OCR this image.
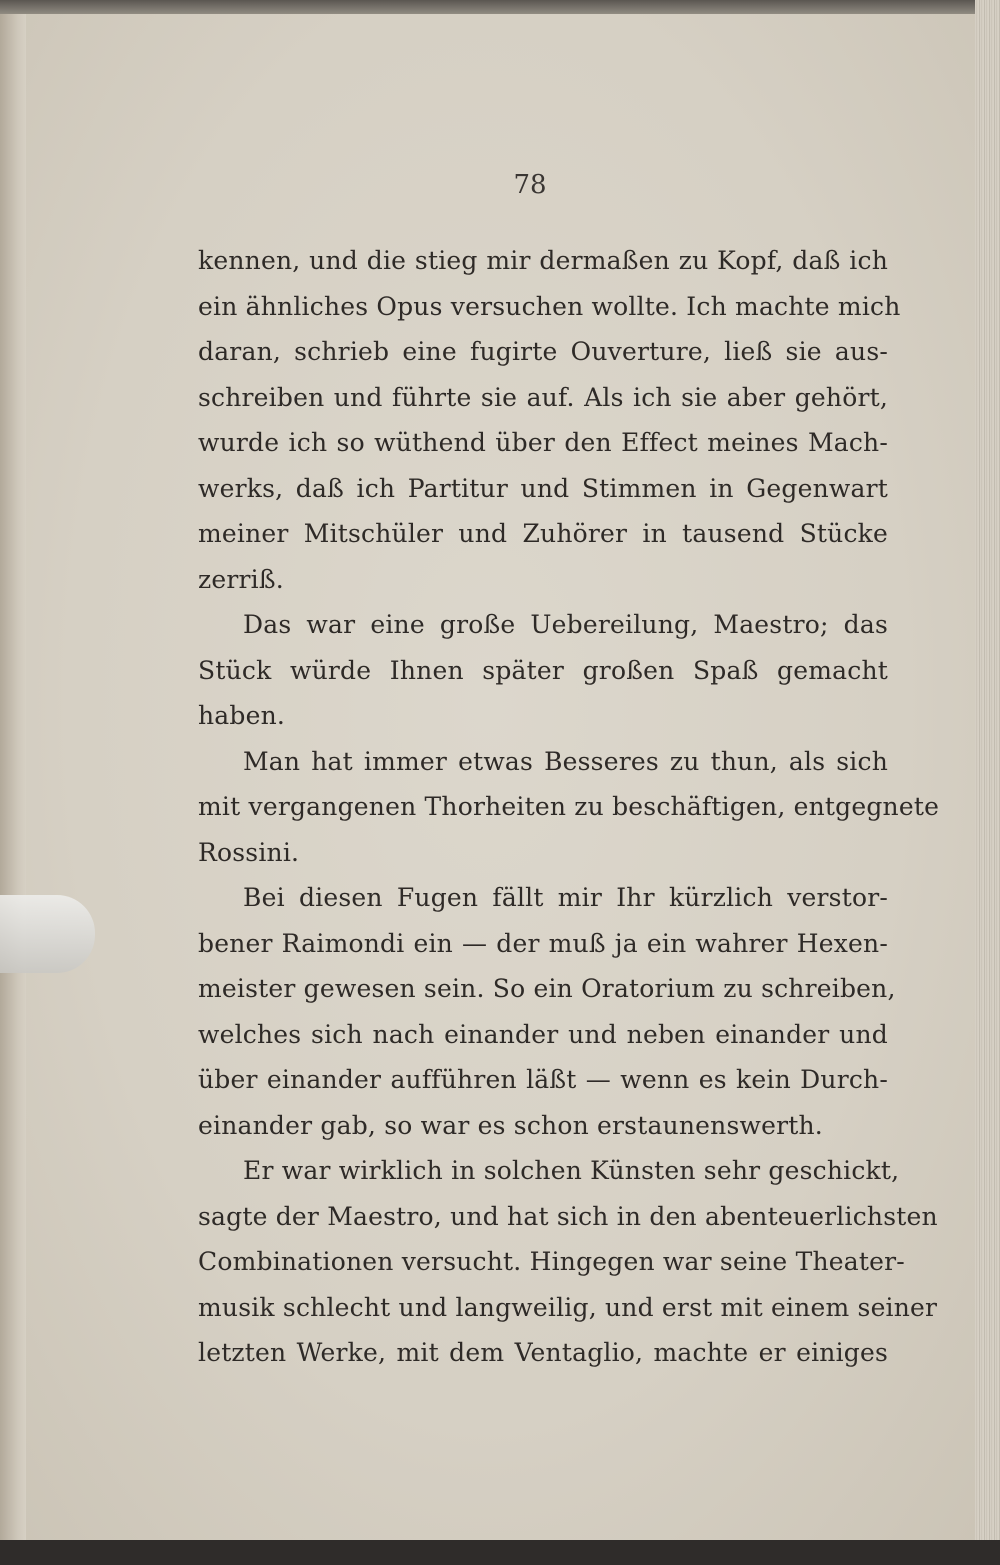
78
kennen, und die stieg mir dermaßen zu Kopf, daß ich
ein ähnliches Opus versuchen wollte. Ich machte mich
daran, schrieb eine fugirte Ouverture, ließ sie aus-
schreiben und führte sie auf. Als ich sie aber gehört,
wurde ich so wüthend über den Effect meines Mach-
werks, daß ich Partitur und Stimmen in Gegenwart
meiner Mitschüler und Zuhörer in tausend Stücke
zerriß.
Das war eine große Uebereilung, Maestro; das
Stück würde Ihnen später großen Spaß gemacht
haben.
Man hat immer etwas Besseres zu thun, als sich
mit vergangenen Thorheiten zu beschäftigen, entgegnete
Rossini.
Bei diesen Fugen fällt mir Ihr kürzlich verstor-
bener Raimondi ein — der muß ja ein wahrer Hexen-
meister gewesen sein. So ein Oratorium zu schreiben,
welches sich nach einander und neben einander und
über einander aufführen läßt — wenn es kein Durch-
einander gab, so war es schon erstaunenswerth.
Er war wirklich in solchen Künsten sehr geschickt,
sagte der Maestro, und hat sich in den abenteuerlichsten
Combinationen versucht. Hingegen war seine Theater-
musik schlecht und langweilig, und erst mit einem seiner
letzten Werke, mit dem Ventaglio, machte er einiges
